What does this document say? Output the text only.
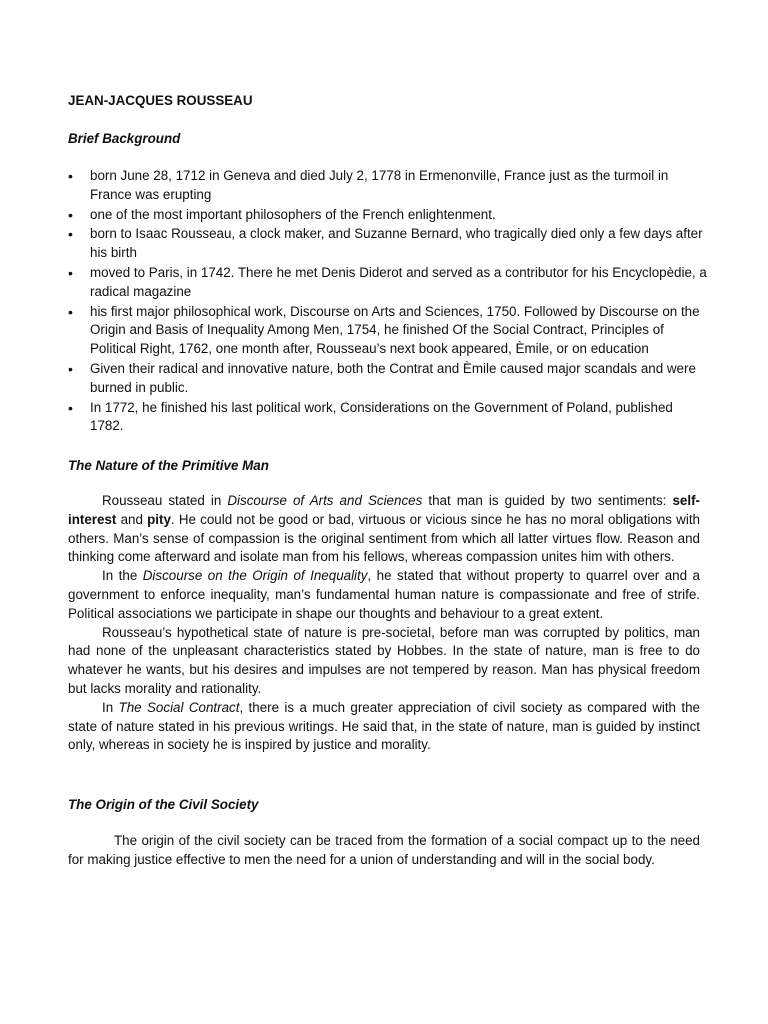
JEAN-JACQUES ROUSSEAU
Brief Background
• born June 28, 1712 in Geneva and died July 2, 1778 in Ermenonville, France just as the turmoil in France was erupting
• one of the most important philosophers of the French enlightenment.
• born to Isaac Rousseau, a clock maker, and Suzanne Bernard, who tragically died only a few days after his birth
• moved to Paris, in 1742. There he met Denis Diderot and served as a contributor for his Encyclopèdie, a radical magazine
• his first major philosophical work, Discourse on Arts and Sciences, 1750. Followed by Discourse on the Origin and Basis of Inequality Among Men, 1754, he finished Of the Social Contract, Principles of Political Right, 1762, one month after, Rousseau’s next book appeared, Èmile, or on education
• Given their radical and innovative nature, both the Contrat and Èmile caused major scandals and were burned in public.
• In 1772, he finished his last political work, Considerations on the Government of Poland, published 1782.
The Nature of the Primitive Man

Rousseau stated in Discourse of Arts and Sciences that man is guided by two sentiments: self-interest and pity. He could not be good or bad, virtuous or vicious since he has no moral obligations with others. Man’s sense of compassion is the original sentiment from which all latter virtues flow. Reason and thinking come afterward and isolate man from his fellows, whereas compassion unites him with others.

In the Discourse on the Origin of Inequality, he stated that without property to quarrel over and a government to enforce inequality, man’s fundamental human nature is compassionate and free of strife. Political associations we participate in shape our thoughts and behaviour to a great extent.

Rousseau’s hypothetical state of nature is pre-societal, before man was corrupted by politics, man had none of the unpleasant characteristics stated by Hobbes. In the state of nature, man is free to do whatever he wants, but his desires and impulses are not tempered by reason. Man has physical freedom but lacks morality and rationality.

In The Social Contract, there is a much greater appreciation of civil society as compared with the state of nature stated in his previous writings. He said that, in the state of nature, man is guided by instinct only, whereas in society he is inspired by justice and morality.

The Origin of the Civil Society

The origin of the civil society can be traced from the formation of a social compact up to the need for making justice effective to men the need for a union of understanding and will in the social body.
